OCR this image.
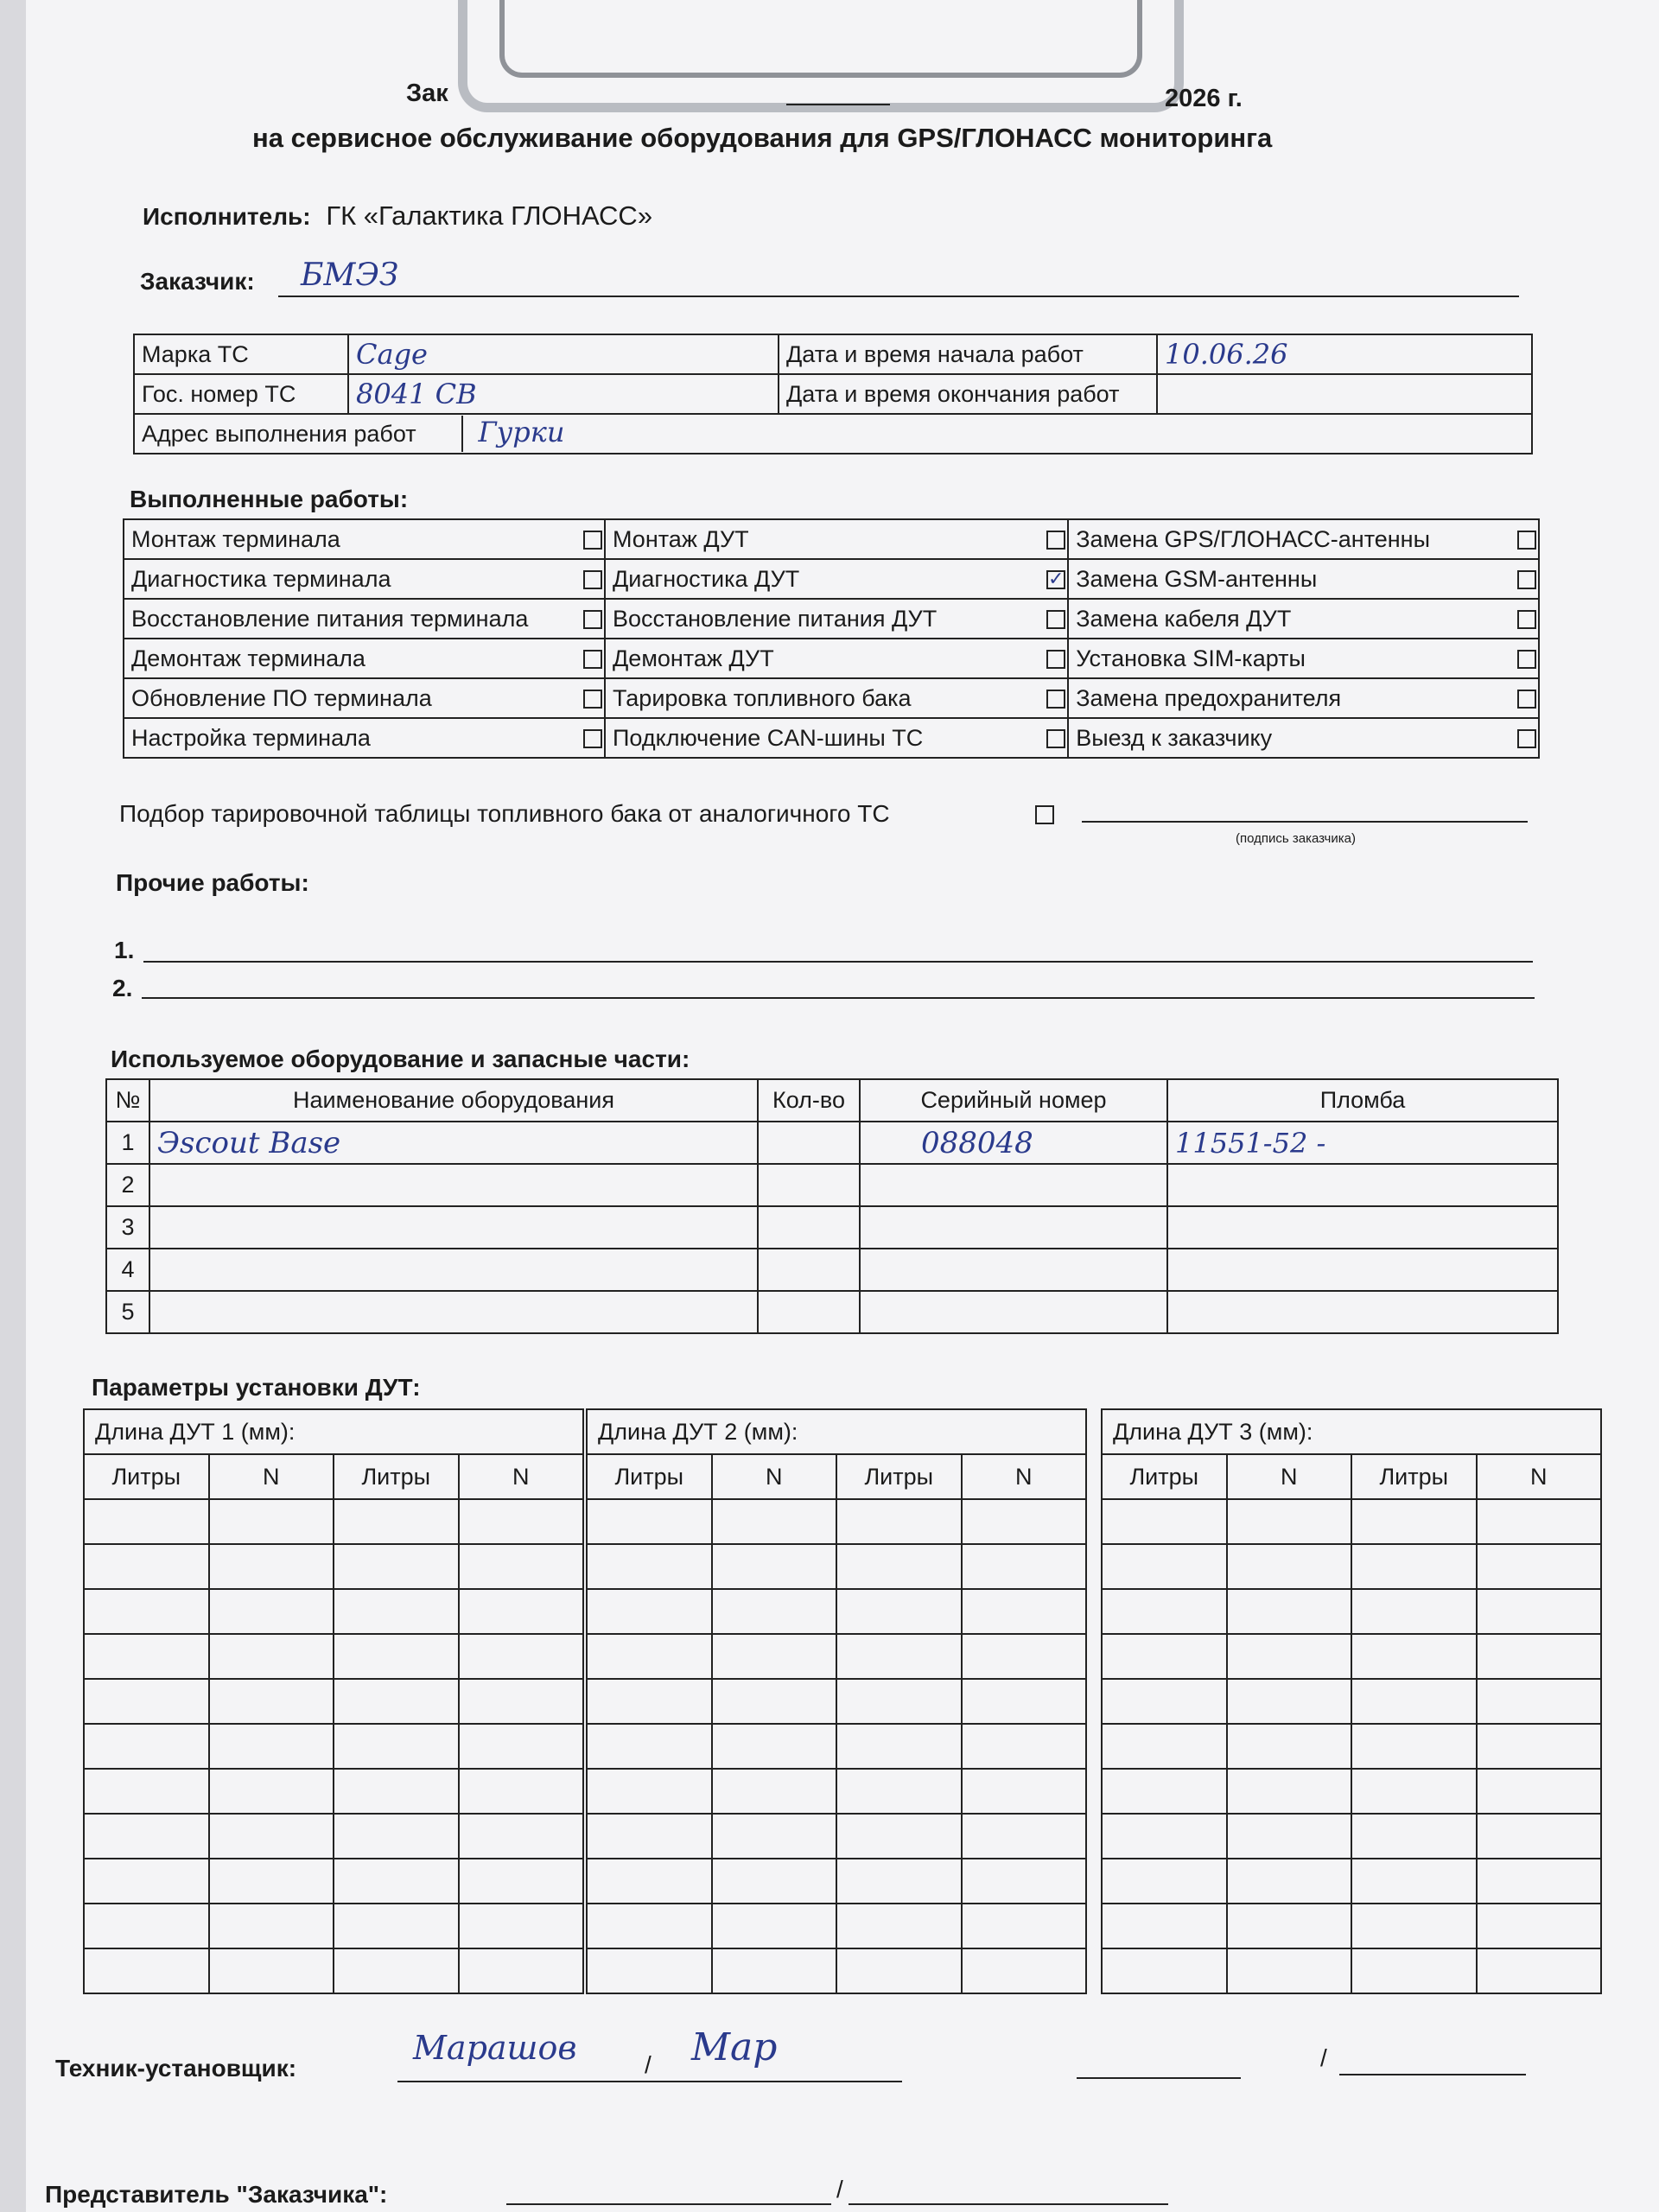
Зак	2026 г.
на сервисное обслуживание оборудования для GPS/ГЛОНАСС мониторинга
Исполнитель: ГК «Галактика ГЛОНАСС»
Заказчик: БМЭЗ
Марка ТС	Cage	Дата и время начала работ	10.06.26
Гос. номер ТС	8041 CB	Дата и время окончания работ	
Адрес выполнения работ Гурки			
Выполненные работы:
Монтаж терминала		Монтаж ДУТ		Замена GPS/ГЛОНАСС-антенны	
Диагностика терминала		Диагностика ДУТ	✓	Замена GSM-антенны	
Восстановление питания терминала		Восстановление питания ДУТ		Замена кабеля ДУТ	
Демонтаж терминала		Демонтаж ДУТ		Установка SIM-карты	
Обновление ПО терминала		Тарировка топливного бака		Замена предохранителя	
Настройка терминала		Подключение CAN-шины ТС		Выезд к заказчику	
Подбор тарировочной таблицы топливного бака от аналогичного ТС
(подпись заказчика)
Прочие работы:
1.
2.
Используемое оборудование и запасные части:
№	Наименование оборудования	Кол-во	Серийный номер	Пломба
1	Эscout Base		088048	11551-52 -
2				
3				
4				
5				
Параметры установки ДУТ:
Длина ДУТ 1 (мм):			
Литры	N	Литры	N

Длина ДУТ 2 (мм):			
Литры	N	Литры	N

Длина ДУТ 3 (мм):			
Литры	N	Литры	N

Техник-установщик:
Марашов	/ Мар	/
Представитель "Заказчика":	/
